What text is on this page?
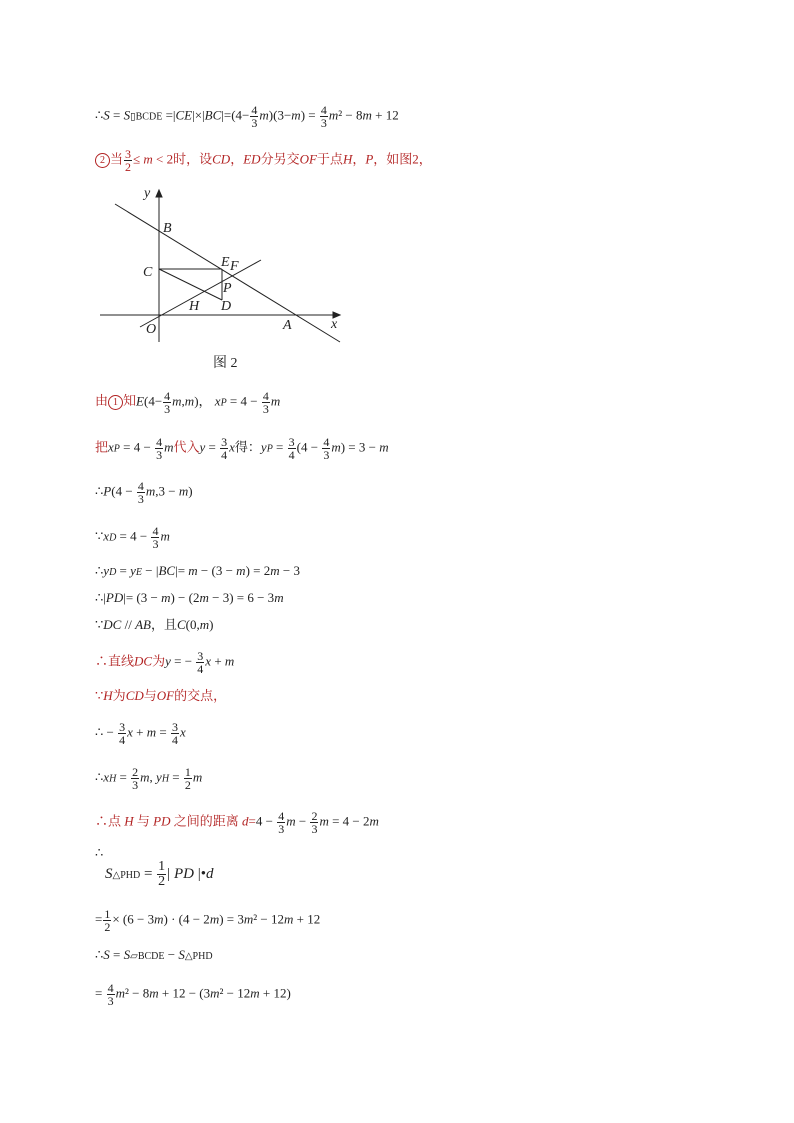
∴S = S▯BCDE $=|CE|\times|BC|=(4- \frac{4}{3} m)(3-m) = \frac{4}{3} m^2 - 8m + 12$
2 当 $\frac{3}{2} \le m < 2$时，设CD，ED分另交OF于点H，P，如图2，
y
x
B
C
E F
P
H D
O	A
图 2
由 1 知$E(4- \frac{4}{3} m,m)$， xP = $4 - \frac{4}{3}$ m
把xP = $4 - \frac{4}{3}$ m代入$y = \frac{3}{4}$ x得：yP = $\frac{3}{4} (4 - \frac{4}{3} m) = 3 - m$
∴P(4 − $\frac{4}{3} m,3 - m$)
∵xD = $4 - \frac{4}{3}$ m
∴yD = yE − |BC|= m − (3 − m) = 2m − 3
∴|PD|= (3 − m) − (2m − 3) = 6 − 3m
∵DC // AB，且C(0,m)
∴直线DC为y = − $\frac{3}{4}$ x + m
∵H为CD与OF的交点，
∴ − $\frac{3}{4}$ $x + m = \frac{3}{4}$ x
∴xH = $\frac{2}{3} m$, yH = $\frac{1}{2}$ m
∴点 H 与 PD 之间的距离 $d=4 - \frac{4}{3}$ $m - \frac{2}{3}$ m = 4 − 2m
∴
S△PHD = $\frac{1}{2}$ | PD |•d
= $\frac{1}{2} \times (6 - 3m) \cdot (4 - 2m) = 3m^2 - 12m + 12$
∴S = S▱BCDE − S△PHD
= $\frac{4}{3} m^2 - 8m + 12 - (3m^2 - 12m + 12)$
